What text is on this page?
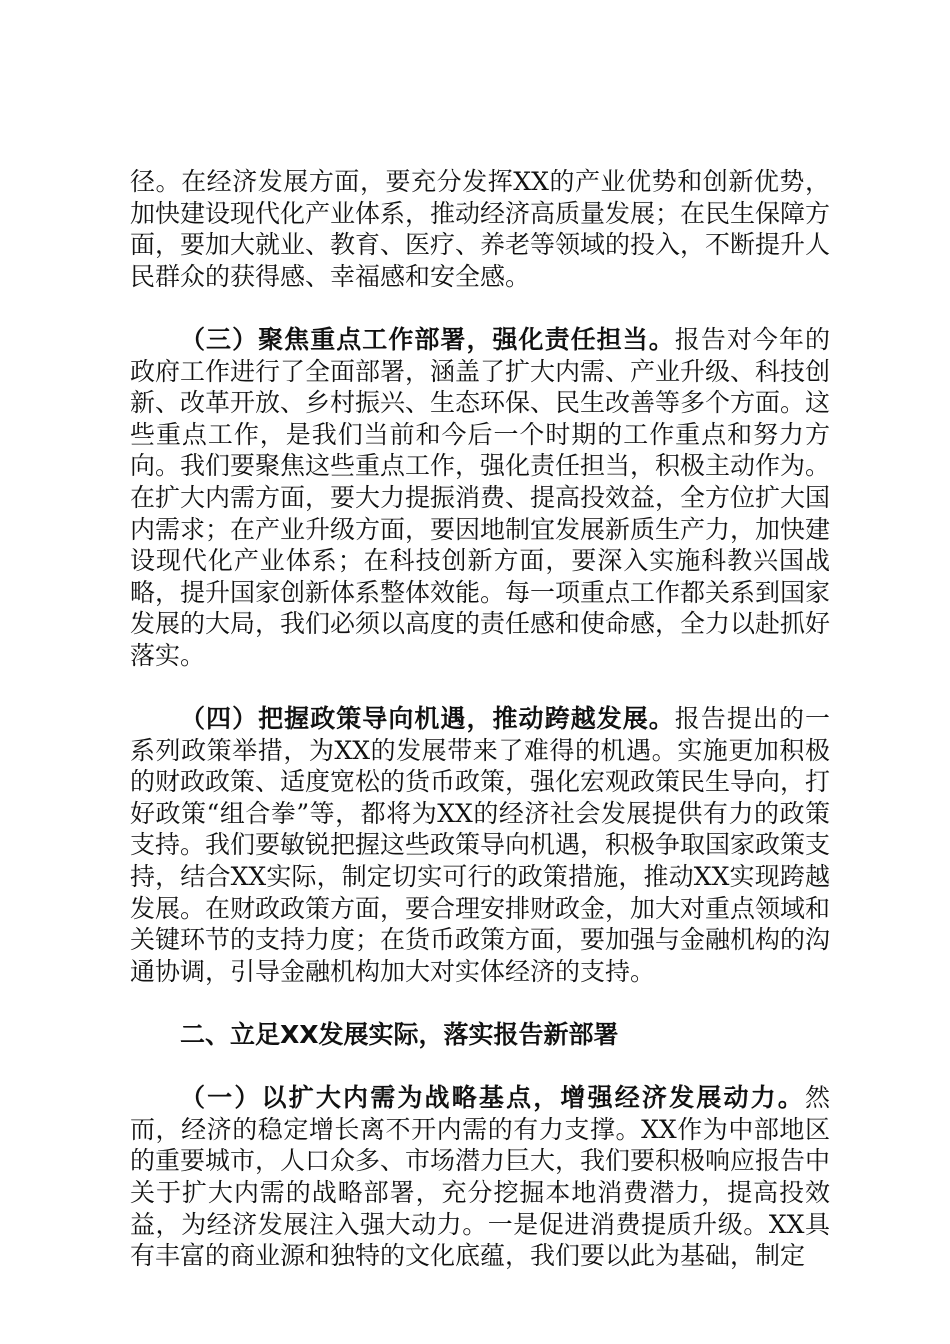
径。在经济发展方面，要充分发挥XX的产业优势和创新优势，加快建设现代化产业体系，推动经济高质量发展；在民生保障方面，要加大就业、教育、医疗、养老等领域的投入，不断提升人民群众的获得感、幸福感和安全感。

（三）聚焦重点工作部署，强化责任担当。报告对今年的政府工作进行了全面部署，涵盖了扩大内需、产业升级、科技创新、改革开放、乡村振兴、生态环保、民生改善等多个方面。这些重点工作，是我们当前和今后一个时期的工作重点和努力方向。我们要聚焦这些重点工作，强化责任担当，积极主动作为。在扩大内需方面，要大力提振消费、提高投效益，全方位扩大国内需求；在产业升级方面，要因地制宜发展新质生产力，加快建设现代化产业体系；在科技创新方面，要深入实施科教兴国战略，提升国家创新体系整体效能。每一项重点工作都关系到国家发展的大局，我们必须以高度的责任感和使命感，全力以赴抓好落实。

（四）把握政策导向机遇，推动跨越发展。报告提出的一系列政策举措，为XX的发展带来了难得的机遇。实施更加积极的财政政策、适度宽松的货币政策，强化宏观政策民生导向，打好政策“组合拳”等，都将为XX的经济社会发展提供有力的政策支持。我们要敏锐把握这些政策导向机遇，积极争取国家政策支持，结合XX实际，制定切实可行的政策措施，推动XX实现跨越发展。在财政政策方面，要合理安排财政金，加大对重点领域和关键环节的支持力度；在货币政策方面，要加强与金融机构的沟通协调，引导金融机构加大对实体经济的支持。

二、立足XX发展实际，落实报告新部署

（一）以扩大内需为战略基点，增强经济发展动力。然而，经济的稳定增长离不开内需的有力支撑。XX作为中部地区的重要城市，人口众多、市场潜力巨大，我们要积极响应报告中关于扩大内需的战略部署，充分挖掘本地消费潜力，提高投效益，为经济发展注入强大动力。一是促进消费提质升级。XX具有丰富的商业源和独特的文化底蕴，我们要以此为基础，制定
